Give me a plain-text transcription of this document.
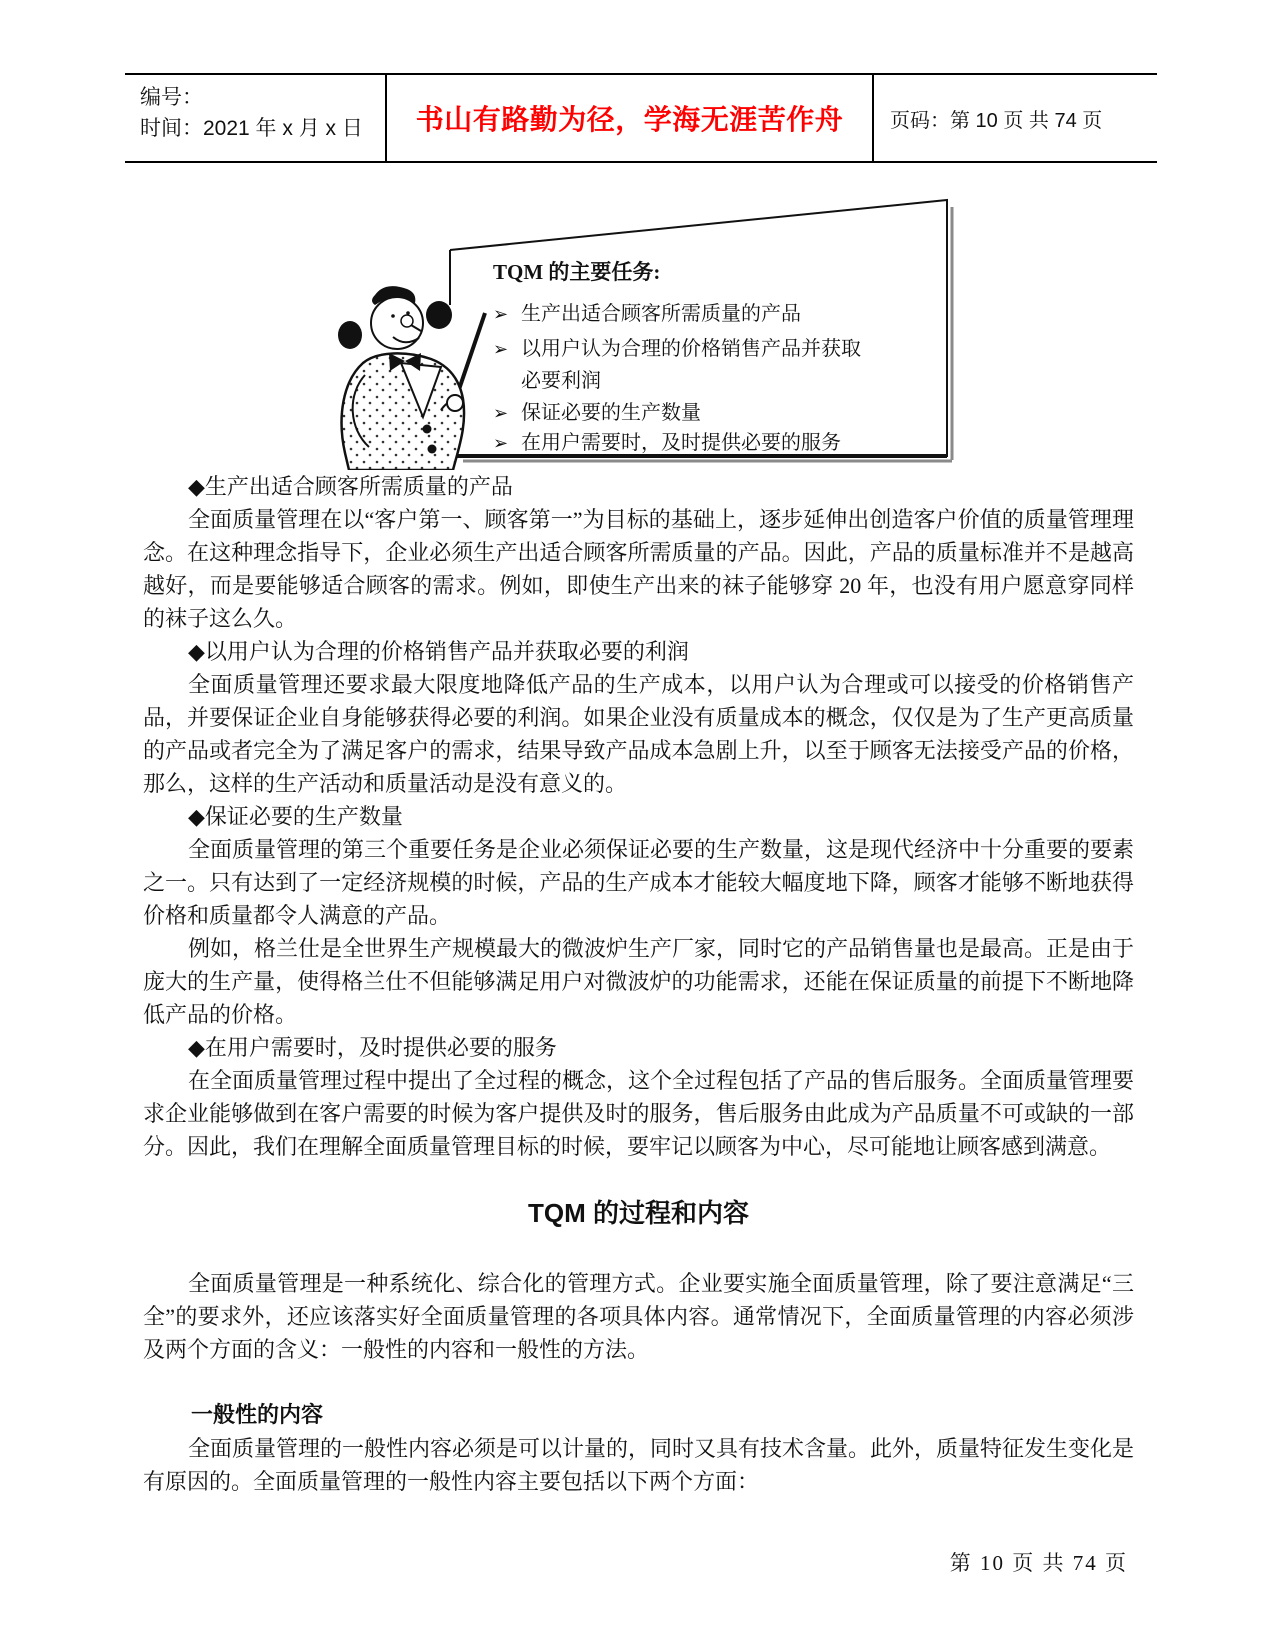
编号：
时间：2021 年 x 月 x 日	书山有路勤为径，学海无涯苦作舟 页码：第 10 页 共 74 页
TQM 的主要任务:
➢ 生产出适合顾客所需质量的产品
➢ 以用户认为合理的价格销售产品并获取
必要利润
➢ 保证必要的生产数量
➢ 在用户需要时，及时提供必要的服务

◆生产出适合顾客所需质量的产品

全面质量管理在以“客户第一、顾客第一”为目标的基础上，逐步延伸出创造客户价值的质量管理理念。在这种理念指导下，企业必须生产出适合顾客所需质量的产品。因此，产品的质量标准并不是越高越好，而是要能够适合顾客的需求。例如，即使生产出来的袜子能够穿 20 年，也没有用户愿意穿同样的袜子这么久。

◆以用户认为合理的价格销售产品并获取必要的利润

全面质量管理还要求最大限度地降低产品的生产成本，以用户认为合理或可以接受的价格销售产品，并要保证企业自身能够获得必要的利润。如果企业没有质量成本的概念，仅仅是为了生产更高质量的产品或者完全为了满足客户的需求，结果导致产品成本急剧上升，以至于顾客无法接受产品的价格，那么，这样的生产活动和质量活动是没有意义的。

◆保证必要的生产数量

全面质量管理的第三个重要任务是企业必须保证必要的生产数量，这是现代经济中十分重要的要素之一。只有达到了一定经济规模的时候，产品的生产成本才能较大幅度地下降，顾客才能够不断地获得价格和质量都令人满意的产品。

例如，格兰仕是全世界生产规模最大的微波炉生产厂家，同时它的产品销售量也是最高。正是由于庞大的生产量，使得格兰仕不但能够满足用户对微波炉的功能需求，还能在保证质量的前提下不断地降低产品的价格。

◆在用户需要时，及时提供必要的服务

在全面质量管理过程中提出了全过程的概念，这个全过程包括了产品的售后服务。全面质量管理要求企业能够做到在客户需要的时候为客户提供及时的服务，售后服务由此成为产品质量不可或缺的一部分。因此，我们在理解全面质量管理目标的时候，要牢记以顾客为中心，尽可能地让顾客感到满意。

TQM 的过程和内容

全面质量管理是一种系统化、综合化的管理方式。企业要实施全面质量管理，除了要注意满足“三全”的要求外，还应该落实好全面质量管理的各项具体内容。通常情况下，全面质量管理的内容必须涉及两个方面的含义：一般性的内容和一般性的方法。

一般性的内容

全面质量管理的一般性内容必须是可以计量的，同时又具有技术含量。此外，质量特征发生变化是有原因的。全面质量管理的一般性内容主要包括以下两个方面：

第 10 页 共 74 页
